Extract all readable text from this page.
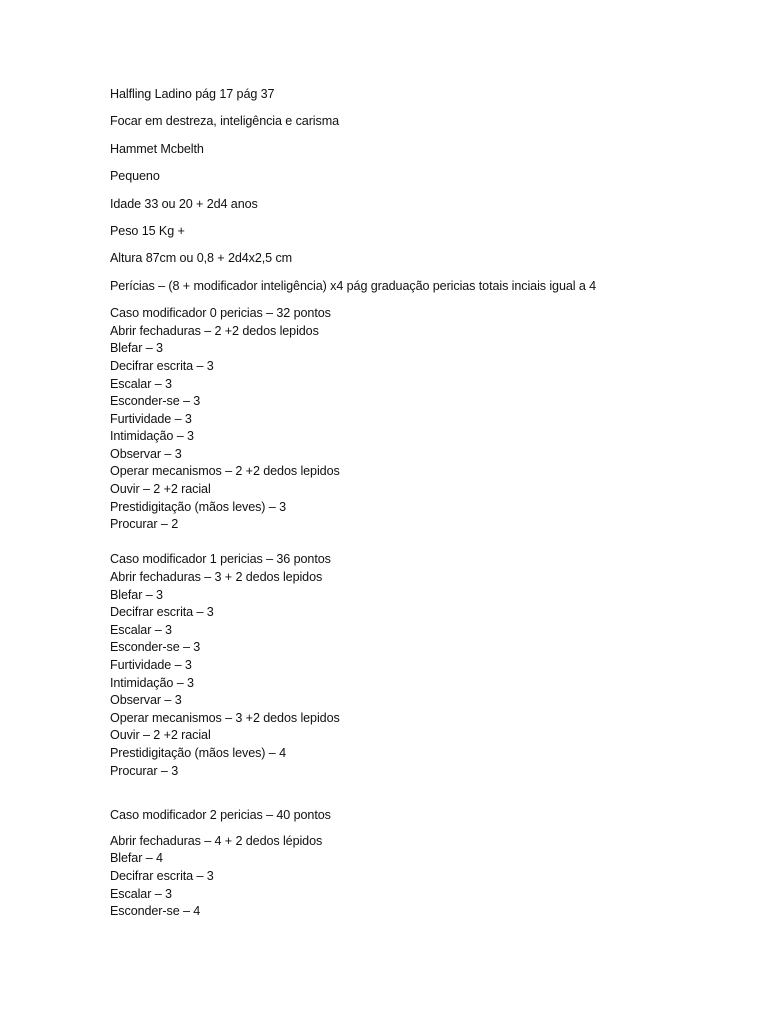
Halfling Ladino pág 17 pág 37

Focar em destreza, inteligência e carisma

Hammet Mcbelth

Pequeno

Idade 33 ou 20 + 2d4 anos

Peso 15 Kg +

Altura 87cm ou 0,8 + 2d4x2,5 cm

Perícias – (8 + modificador inteligência) x4 pág graduação pericias totais inciais igual a 4

Caso modificador 0 pericias – 32 pontos
Abrir fechaduras – 2 +2 dedos lepidos
Blefar – 3
Decifrar escrita – 3
Escalar – 3
Esconder-se – 3
Furtividade – 3
Intimidação – 3
Observar – 3
Operar mecanismos – 2 +2 dedos lepidos
Ouvir – 2 +2 racial
Prestidigitação (mãos leves) – 3
Procurar – 2
Caso modificador 1 pericias – 36 pontos
Abrir fechaduras – 3 + 2 dedos lepidos
Blefar – 3
Decifrar escrita – 3
Escalar – 3
Esconder-se – 3
Furtividade – 3
Intimidação – 3
Observar – 3
Operar mecanismos – 3 +2 dedos lepidos
Ouvir – 2 +2 racial
Prestidigitação (mãos leves) – 4
Procurar – 3
Caso modificador 2 pericias – 40 pontos
Abrir fechaduras – 4 + 2 dedos lépidos
Blefar – 4
Decifrar escrita – 3
Escalar – 3
Esconder-se – 4
